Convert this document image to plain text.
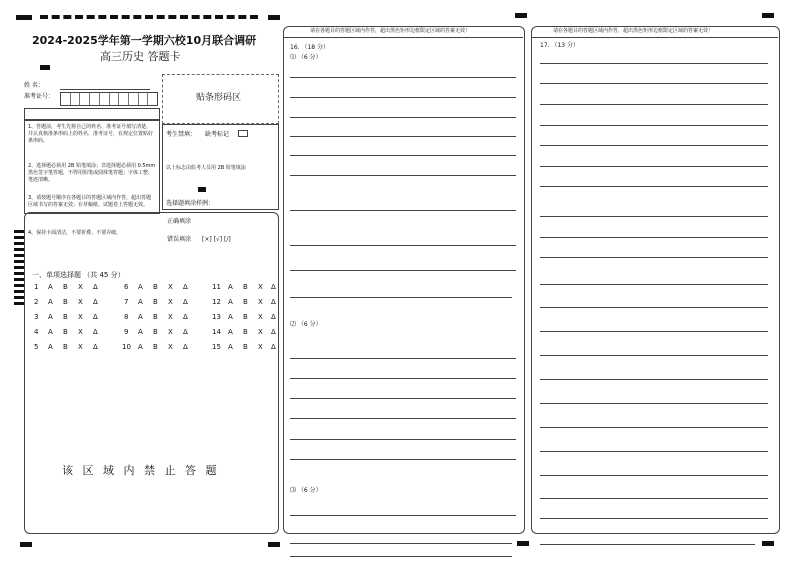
2024-2025学年第一学期六校10月联合调研
高三历史 答题卡
姓 名：
准考证号：
1、答题前，考生先将自己的姓名、准考证号填写清楚，并认真核准条形码上的姓名、准考证号，在规定位置贴好条形码。
2、选择题必须用 2B 铅笔填涂；非选择题必须用 0.5mm 黑色签字笔答题，不得用铅笔或圆珠笔答题；字体工整、笔迹清晰。
3、请按题号顺序在各题目的答题区域内作答，超出答题区域书写的答案无效；在草稿纸、试题卷上答题无效。
4、保持卡面清洁，不要折叠、不要弄破。
贴条形码区
考生禁填： 缺考标记
以上标志由监考人员用 2B 铅笔填涂
选择题填涂样例：
正确填涂
错误填涂 [×] [√] [/]
一、单项选择题 （共 45 分）
1 A B X Δ
2 A B X Δ
3 A B X Δ
4 A B X Δ
5 A B X Δ
6 A B X Δ
7 A B X Δ
8 A B X Δ
9 A B X Δ
10 A B X Δ
11 A B X Δ
12 A B X Δ
13 A B X Δ
14 A B X Δ
15 A B X Δ
该 区 域 内 禁 止 答 题
请在各题目的答题区域内作答，超出黑色矩形边框限定区域的答案无效！
16. （18 分）
⑴ （6 分）
⑵ （6 分）
⑶ （6 分）
请在各题目的答题区域内作答，超出黑色矩形边框限定区域的答案无效！
17. （13 分）
